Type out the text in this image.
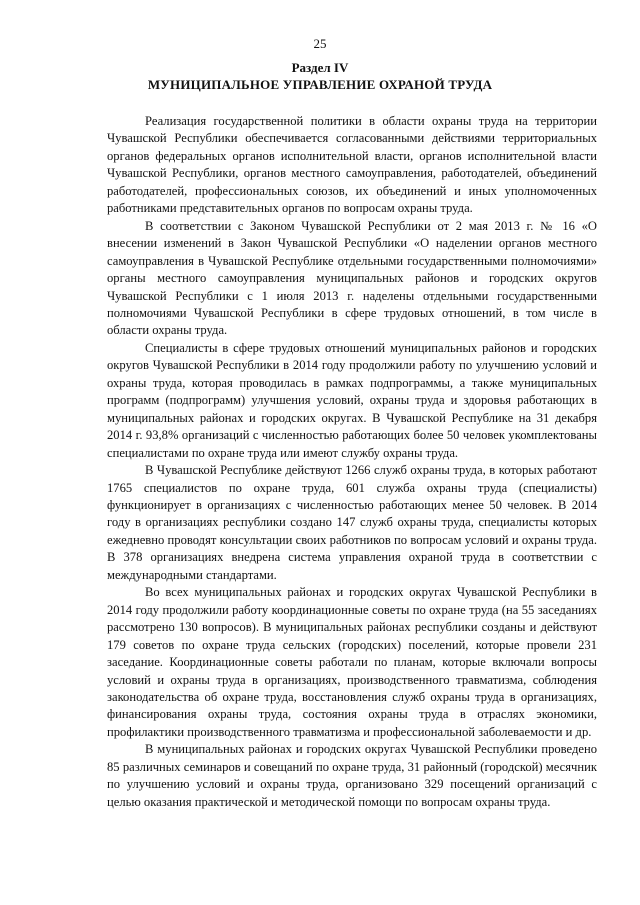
25
Раздел IV
МУНИЦИПАЛЬНОЕ УПРАВЛЕНИЕ ОХРАНОЙ ТРУДА

Реализация государственной политики в области охраны труда на территории Чувашской Республики обеспечивается согласованными действиями территориальных органов федеральных органов исполнительной власти, органов исполнительной власти Чувашской Республики, органов местного самоуправления, работодателей, объединений работодателей, профессиональных союзов, их объединений и иных уполномоченных работниками представительных органов по вопросам охраны труда.

В соответствии с Законом Чувашской Республики от 2 мая 2013 г. № 16 «О внесении изменений в Закон Чувашской Республики «О наделении органов местного самоуправления в Чувашской Республике отдельными государственными полномочиями» органы местного самоуправления муниципальных районов и городских округов Чувашской Республики с 1 июля 2013 г. наделены отдельными государственными полномочиями Чувашской Республики в сфере трудовых отношений, в том числе в области охраны труда.

Специалисты в сфере трудовых отношений муниципальных районов и городских округов Чувашской Республики в 2014 году продолжили работу по улучшению условий и охраны труда, которая проводилась в рамках подпрограммы, а также муниципальных программ (подпрограмм) улучшения условий, охраны труда и здоровья работающих в муниципальных районах и городских округах. В Чувашской Республике на 31 декабря 2014 г. 93,8% организаций с численностью работающих более 50 человек укомплектованы специалистами по охране труда или имеют службу охраны труда.

В Чувашской Республике действуют 1266 служб охраны труда, в которых работают 1765 специалистов по охране труда, 601 служба охраны труда (специалисты) функционирует в организациях с численностью работающих менее 50 человек. В 2014 году в организациях республики создано 147 служб охраны труда, специалисты которых ежедневно проводят консультации своих работников по вопросам условий и охраны труда. В 378 организациях внедрена система управления охраной труда в соответствии с международными стандартами.

Во всех муниципальных районах и городских округах Чувашской Республики в 2014 году продолжили работу координационные советы по охране труда (на 55 заседаниях рассмотрено 130 вопросов). В муниципальных районах республики созданы и действуют 179 советов по охране труда сельских (городских) поселений, которые провели 231 заседание. Координационные советы работали по планам, которые включали вопросы условий и охраны труда в организациях, производственного травматизма, соблюдения законодательства об охране труда, восстановления служб охраны труда в организациях, финансирования охраны труда, состояния охраны труда в отраслях экономики, профилактики производственного травматизма и профессиональной заболеваемости и др.

В муниципальных районах и городских округах Чувашской Республики проведено 85 различных семинаров и совещаний по охране труда, 31 районный (городской) месячник по улучшению условий и охраны труда, организовано 329 посещений организаций с целью оказания практической и методической помощи по вопросам охраны труда.
